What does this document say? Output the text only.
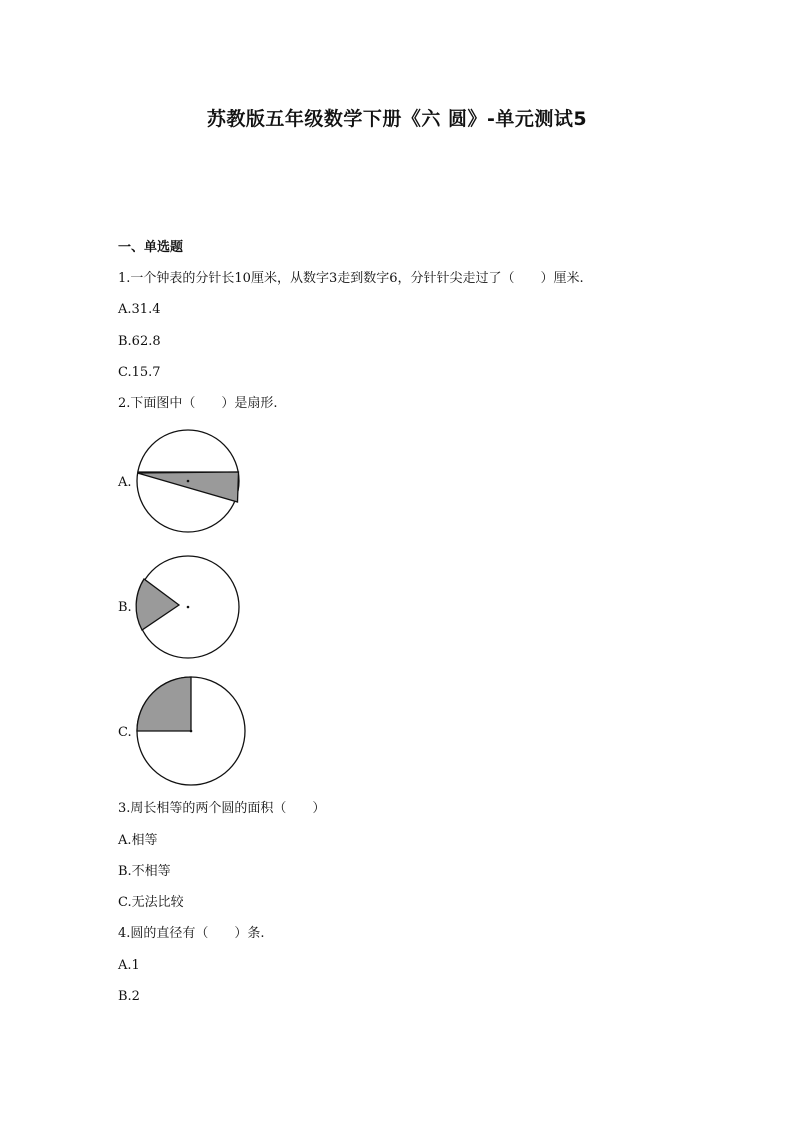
苏教版五年级数学下册《六 圆》-单元测试5
一、单选题
1.一个钟表的分针长10厘米，从数字3走到数字6，分针针尖走过了（　　）厘米.
A.31.4
B.62.8
C.15.7
2.下面图中（　　）是扇形.
A.
B.
C.
3.周长相等的两个圆的面积（　　）
A.相等
B.不相等
C.无法比较
4.圆的直径有（　　）条.
A.1
B.2
